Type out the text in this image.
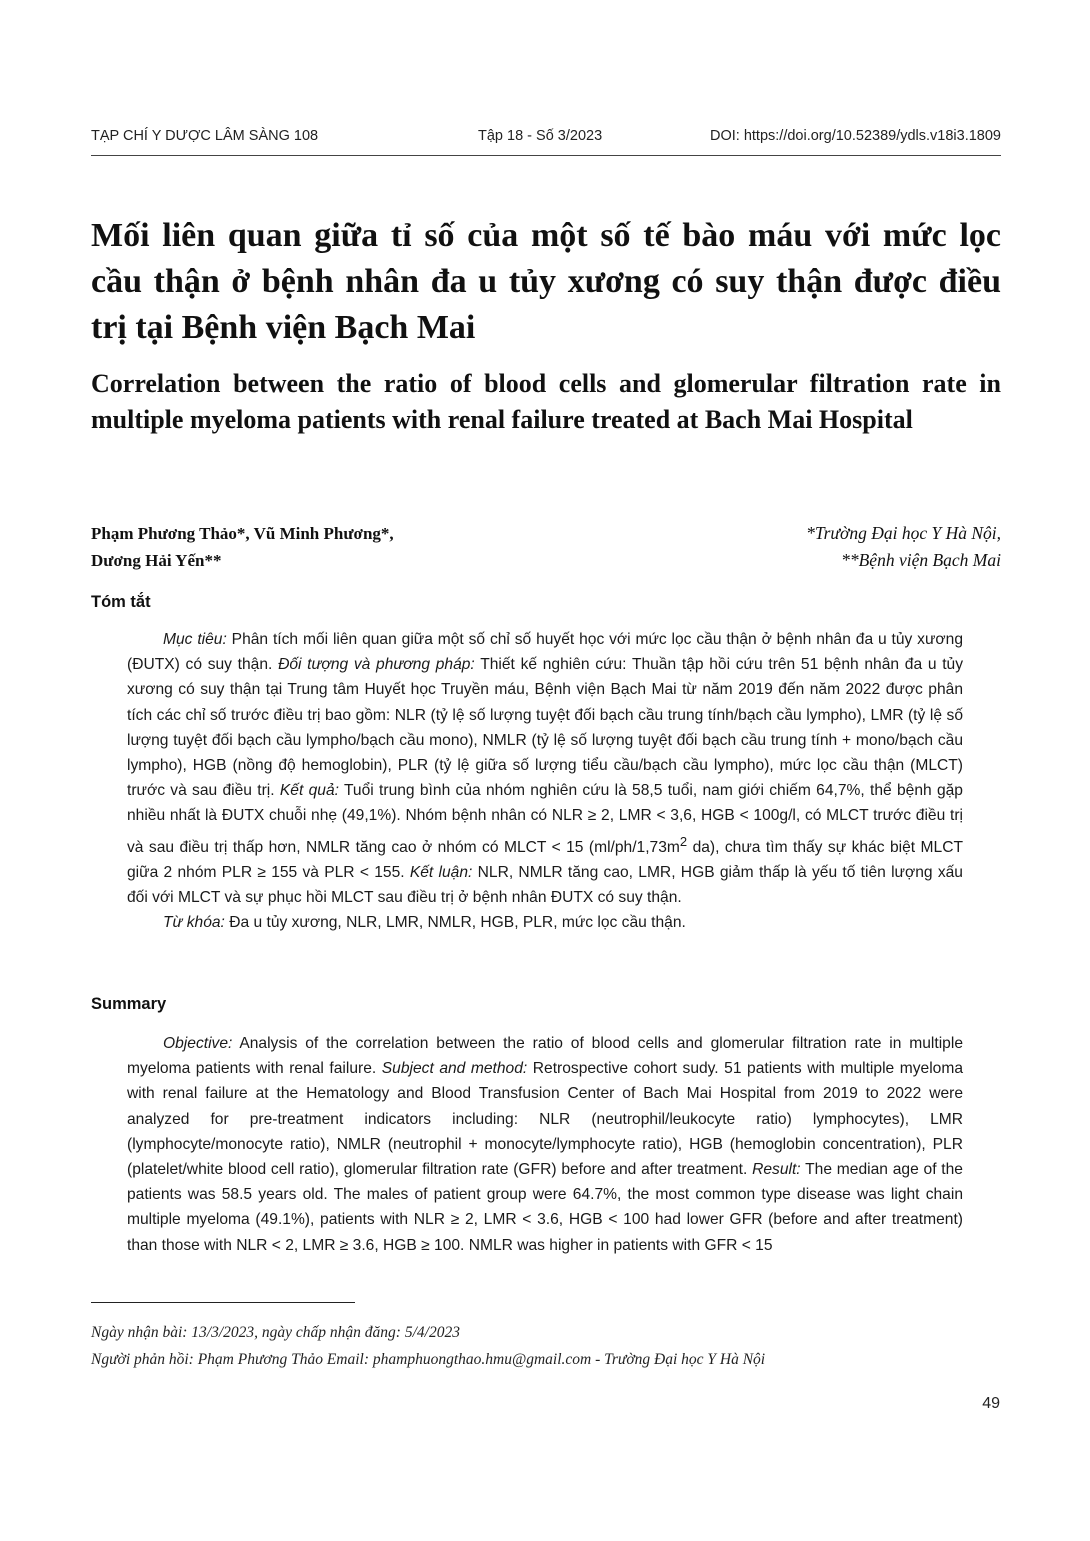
TẠP CHÍ Y DƯỢC LÂM SÀNG 108	Tập 18 - Số 3/2023	DOI: https://doi.org/10.52389/ydls.v18i3.1809
Mối liên quan giữa tỉ số của một số tế bào máu với mức lọc cầu thận ở bệnh nhân đa u tủy xương có suy thận được điều trị tại Bệnh viện Bạch Mai
Correlation between the ratio of blood cells and glomerular filtration rate in multiple myeloma patients with renal failure treated at Bach Mai Hospital
Phạm Phương Thảo*, Vũ Minh Phương*,
Dương Hải Yến**
*Trường Đại học Y Hà Nội,
**Bệnh viện Bạch Mai
Tóm tắt

Mục tiêu: Phân tích mối liên quan giữa một số chỉ số huyết học với mức lọc cầu thận ở bệnh nhân đa u tủy xương (ĐUTX) có suy thận. Đối tượng và phương pháp: Thiết kế nghiên cứu: Thuần tập hồi cứu trên 51 bệnh nhân đa u tủy xương có suy thận tại Trung tâm Huyết học Truyền máu, Bệnh viện Bạch Mai từ năm 2019 đến năm 2022 được phân tích các chỉ số trước điều trị bao gồm: NLR (tỷ lệ số lượng tuyệt đối bạch cầu trung tính/bạch cầu lympho), LMR (tỷ lệ số lượng tuyệt đối bạch cầu lympho/bạch cầu mono), NMLR (tỷ lệ số lượng tuyệt đối bạch cầu trung tính + mono/bạch cầu lympho), HGB (nồng độ hemoglobin), PLR (tỷ lệ giữa số lượng tiểu cầu/bạch cầu lympho), mức lọc cầu thận (MLCT) trước và sau điều trị. Kết quả: Tuổi trung bình của nhóm nghiên cứu là 58,5 tuổi, nam giới chiếm 64,7%, thể bệnh gặp nhiều nhất là ĐUTX chuỗi nhẹ (49,1%). Nhóm bệnh nhân có NLR ≥ 2, LMR < 3,6, HGB < 100g/l, có MLCT trước điều trị và sau điều trị thấp hơn, NMLR tăng cao ở nhóm có MLCT < 15 ($ml/ph/1,73m^2$ da), chưa tìm thấy sự khác biệt MLCT giữa 2 nhóm PLR ≥ 155 và PLR < 155. Kết luận: NLR, NMLR tăng cao, LMR, HGB giảm thấp là yếu tố tiên lượng xấu đối với MLCT và sự phục hồi MLCT sau điều trị ở bệnh nhân ĐUTX có suy thận.

Từ khóa: Đa u tủy xương, NLR, LMR, NMLR, HGB, PLR, mức lọc cầu thận.

Summary

Objective: Analysis of the correlation between the ratio of blood cells and glomerular filtration rate in multiple myeloma patients with renal failure. Subject and method: Retrospective cohort sudy. 51 patients with multiple myeloma with renal failure at the Hematology and Blood Transfusion Center of Bach Mai Hospital from 2019 to 2022 were analyzed for pre-treatment indicators including: NLR (neutrophil/leukocyte ratio) lymphocytes), LMR (lymphocyte/monocyte ratio), NMLR (neutrophil + monocyte/lymphocyte ratio), HGB (hemoglobin concentration), PLR (platelet/white blood cell ratio), glomerular filtration rate (GFR) before and after treatment. Result: The median age of the patients was 58.5 years old. The males of patient group were 64.7%, the most common type disease was light chain multiple myeloma (49.1%), patients with NLR ≥ 2, LMR < 3.6, HGB < 100 had lower GFR (before and after treatment) than those with NLR < 2, LMR ≥ 3.6, HGB ≥ 100. NMLR was higher in patients with GFR < 15

Ngày nhận bài: 13/3/2023, ngày chấp nhận đăng: 5/4/2023
Người phản hồi: Phạm Phương Thảo Email: phamphuongthao.hmu@gmail.com - Trường Đại học Y Hà Nội
49
